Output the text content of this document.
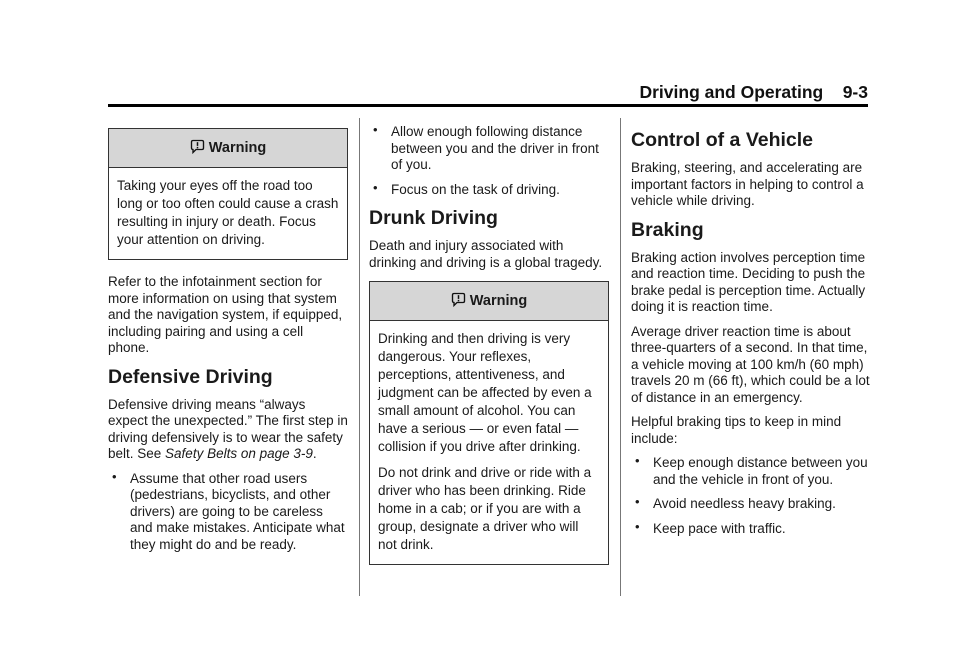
Driving and Operating 9-3
Warning

Taking your eyes off the road too long or too often could cause a crash resulting in injury or death. Focus your attention on driving.

Refer to the infotainment section for more information on using that system and the navigation system, if equipped, including pairing and using a cell phone.

Defensive Driving

Defensive driving means “always expect the unexpected.” The first step in driving defensively is to wear the safety belt. See Safety Belts on page 3-9.

• Assume that other road users (pedestrians, bicyclists, and other drivers) are going to be careless and make mistakes. Anticipate what they might do and be ready.
• Allow enough following distance between you and the driver in front of you.
• Focus on the task of driving.
Drunk Driving

Death and injury associated with drinking and driving is a global tragedy.

Warning

Drinking and then driving is very dangerous. Your reflexes, perceptions, attentiveness, and judgment can be affected by even a small amount of alcohol. You can have a serious — or even fatal — collision if you drive after drinking.

Do not drink and drive or ride with a driver who has been drinking. Ride home in a cab; or if you are with a group, designate a driver who will not drink.

Control of a Vehicle

Braking, steering, and accelerating are important factors in helping to control a vehicle while driving.

Braking

Braking action involves perception time and reaction time. Deciding to push the brake pedal is perception time. Actually doing it is reaction time.

Average driver reaction time is about three-quarters of a second. In that time, a vehicle moving at 100 km/h (60 mph) travels 20 m (66 ft), which could be a lot of distance in an emergency.

Helpful braking tips to keep in mind include:

• Keep enough distance between you and the vehicle in front of you.
• Avoid needless heavy braking.
• Keep pace with traffic.
